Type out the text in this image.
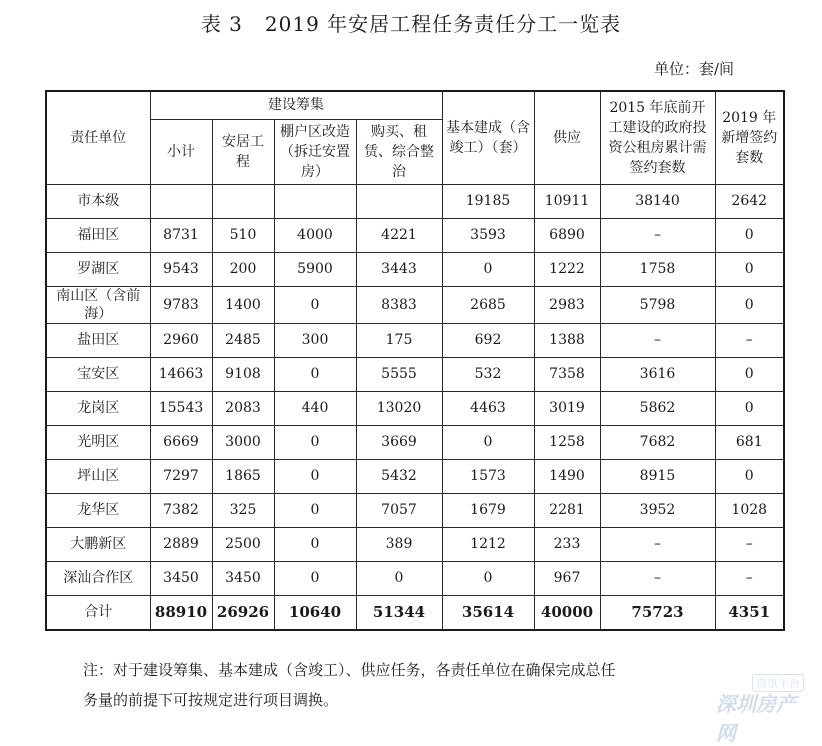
表 3 2019 年安居工程任务责任分工一览表
单位：套/间
责任单位	建设筹集				基本建成（含竣工）（套）	供应	2015 年底前开工建设的政府投资公租房累计需签约套数	2019 年新增签约套数
	小计	安居工程	棚户区改造（拆迁安置房）	购买、租赁、综合整治				
市本级					19185	10911	38140	2642
福田区	8731	510	4000	4221	3593	6890	–	0
罗湖区	9543	200	5900	3443	0	1222	1758	0
南山区（含前海）	9783	1400	0	8383	2685	2983	5798	0
盐田区	2960	2485	300	175	692	1388	–	–
宝安区	14663	9108	0	5555	532	7358	3616	0
龙岗区	15543	2083	440	13020	4463	3019	5862	0
光明区	6669	3000	0	3669	0	1258	7682	681
坪山区	7297	1865	0	5432	1573	1490	8915	0
龙华区	7382	325	0	7057	1679	2281	3952	1028
大鹏新区	2889	2500	0	389	1212	233	–	–
深汕合作区	3450	3450	0	0	0	967	–	–
合计	88910	26926	10640	51344	35614	40000	75723	4351
注：对于建设筹集、基本建成（含竣工）、供应任务，各责任单位在确保完成总任
务量的前提下可按规定进行项目调换。
资讯平台
深圳房产网
